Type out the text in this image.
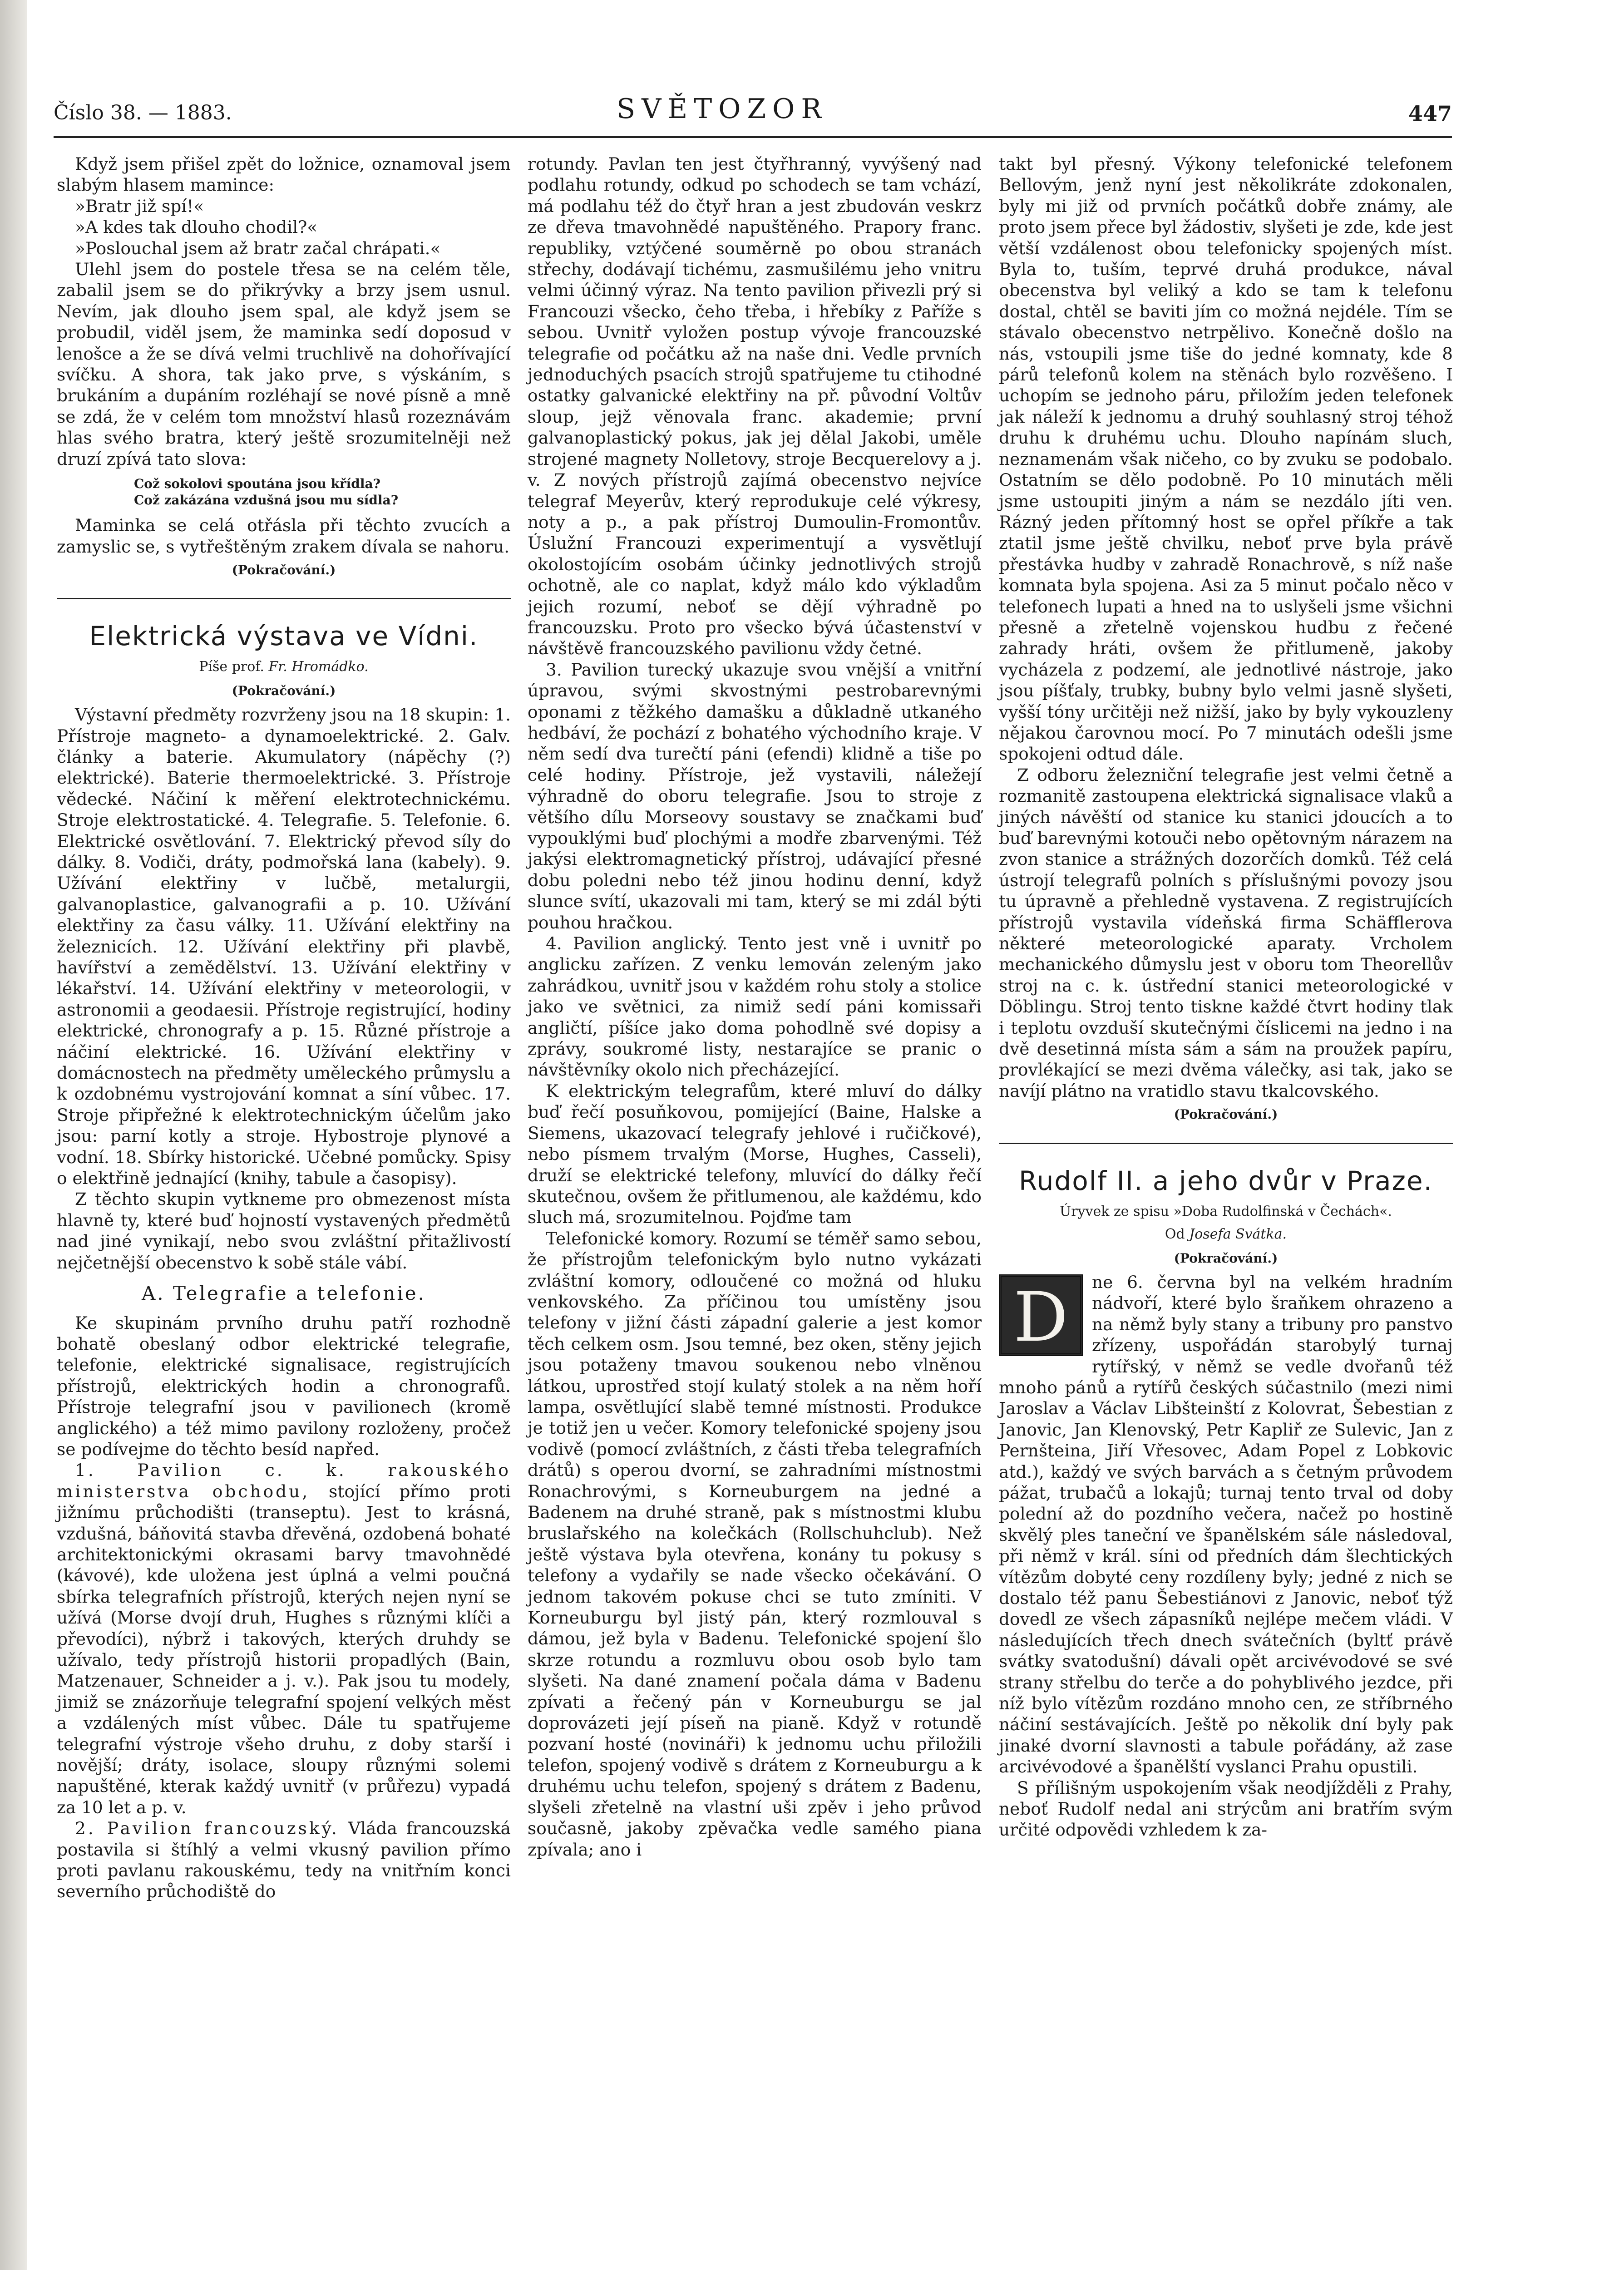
Číslo 38. — 1883.	SVĚTOZOR	447

Když jsem přišel zpět do ložnice, oznamoval jsem slabým hlasem mamince:

»Bratr již spí!«

»A kdes tak dlouho chodil?«

»Poslouchal jsem až bratr začal chrápati.«

Ulehl jsem do postele třesa se na celém těle, zabalil jsem se do přikrývky a brzy jsem usnul. Nevím, jak dlouho jsem spal, ale když jsem se probudil, viděl jsem, že maminka sedí doposud v lenošce a že se dívá velmi truchlivě na dohořívající svíčku. A shora, tak jako prve, s výskáním, s brukáním a dupáním rozléhají se nové písně a mně se zdá, že v celém tom množství hlasů rozeznávám hlas svého bratra, který ještě srozumitelněji než druzí zpívá tato slova:

Což sokolovi spoutána jsou křídla?
Což zakázána vzdušná jsou mu sídla?

Maminka se celá otřásla při těchto zvucích a zamyslic se, s vytřeštěným zrakem dívala se nahoru.

(Pokračování.)

Elektrická výstava ve Vídni.

Píše prof. Fr. Hromádko.

(Pokračování.)

Výstavní předměty rozvrženy jsou na 18 skupin: 1. Přístroje magneto- a dynamoelektrické. 2. Galv. články a baterie. Akumulatory (nápěchy (?) elektrické). Baterie thermoelektrické. 3. Přístroje vědecké. Náčiní k měření elektrotechnickému. Stroje elektrostatické. 4. Telegrafie. 5. Telefonie. 6. Elektrické osvětlování. 7. Elektrický převod síly do dálky. 8. Vodiči, dráty, podmořská lana (kabely). 9. Užívání elektřiny v lučbě, metalurgii, galvanoplastice, galvanografii a p. 10. Užívání elektřiny za času války. 11. Užívání elektřiny na železnicích. 12. Užívání elektřiny při plavbě, havířství a zemědělství. 13. Užívání elektřiny v lékařství. 14. Užívání elektřiny v meteorologii, v astronomii a geodaesii. Přístroje registrující, hodiny elektrické, chronografy a p. 15. Různé přístroje a náčiní elektrické. 16. Užívání elektřiny v domácnostech na předměty uměleckého průmyslu a k ozdobnému vystrojování komnat a síní vůbec. 17. Stroje připřežné k elektrotechnickým účelům jako jsou: parní kotly a stroje. Hybostroje plynové a vodní. 18. Sbírky historické. Učebné pomůcky. Spisy o elektřině jednající (knihy, tabule a časopisy).

Z těchto skupin vytkneme pro obmezenost místa hlavně ty, které buď hojností vystavených předmětů nad jiné vynikají, nebo svou zvláštní přitažlivostí nejčetnější obecenstvo k sobě stále vábí.

A. Telegrafie a telefonie.

Ke skupinám prvního druhu patří rozhodně bohatě obeslaný odbor elektrické telegrafie, telefonie, elektrické signalisace, registrujících přístrojů, elektrických hodin a chronografů. Přístroje telegrafní jsou v pavilionech (kromě anglického) a též mimo pavilony rozloženy, pročež se podívejme do těchto besíd napřed.

1. Pavilion c. k. rakouského ministerstva obchodu, stojící přímo proti jižnímu průchodišti (transeptu). Jest to krásná, vzdušná, báňovitá stavba dřevěná, ozdobená bohaté architektonickými okrasami barvy tmavohnědé (kávové), kde uložena jest úplná a velmi poučná sbírka telegrafních přístrojů, kterých nejen nyní se užívá (Morse dvojí druh, Hughes s různými klíči a převodíci), nýbrž i takových, kterých druhdy se užívalo, tedy přístrojů historii propadlých (Bain, Matzenauer, Schneider a j. v.). Pak jsou tu modely, jimiž se znázorňuje telegrafní spojení velkých měst a vzdálených míst vůbec. Dále tu spatřujeme telegrafní výstroje všeho druhu, z doby starší i novější; dráty, isolace, sloupy různými solemi napuštěné, kterak každý uvnitř (v průřezu) vypadá za 10 let a p. v.

2. Pavilion francouzský. Vláda francouzská postavila si štíhlý a velmi vkusný pavilion přímo proti pavlanu rakouskému, tedy na vnitřním konci severního průchodiště do

rotundy. Pavlan ten jest čtyřhranný, vyvýšený nad podlahu rotundy, odkud po schodech se tam vchází, má podlahu též do čtyř hran a jest zbudován veskrz ze dřeva tmavohnědé napuštěného. Prapory franc. republiky, vztýčené souměrně po obou stranách střechy, dodávají tichému, zasmušilému jeho vnitru velmi účinný výraz. Na tento pavilion přivezli prý si Francouzi všecko, čeho třeba, i hřebíky z Paříže s sebou. Uvnitř vyložen postup vývoje francouzské telegrafie od počátku až na naše dni. Vedle prvních jednoduchých psacích strojů spatřujeme tu ctihodné ostatky galvanické elektřiny na př. původní Voltův sloup, jejž věnovala franc. akademie; první galvanoplastický pokus, jak jej dělal Jakobi, uměle strojené magnety Nolletovy, stroje Becquerelovy a j. v. Z nových přístrojů zajímá obecenstvo nejvíce telegraf Meyerův, který reprodukuje celé výkresy, noty a p., a pak přístroj Dumoulin-Fromontův. Úslužní Francouzi experimentují a vysvětlují okolostojícím osobám účinky jednotlivých strojů ochotně, ale co naplat, když málo kdo výkladům jejich rozumí, neboť se dějí výhradně po francouzsku. Proto pro všecko bývá účastenství v návštěvě francouzského pavilionu vždy četné.

3. Pavilion turecký ukazuje svou vnější a vnitřní úpravou, svými skvostnými pestrobarevnými oponami z těžkého damašku a důkladně utkaného hedbáví, že pochází z bohatého východního kraje. V něm sedí dva turečtí páni (efendi) klidně a tiše po celé hodiny. Přístroje, jež vystavili, náležejí výhradně do oboru telegrafie. Jsou to stroje z většího dílu Morseovy soustavy se značkami buď vypouklými buď plochými a modře zbarvenými. Též jakýsi elektromagnetický přístroj, udávající přesné dobu poledni nebo též jinou hodinu denní, když slunce svítí, ukazovali mi tam, který se mi zdál býti pouhou hračkou.

4. Pavilion anglický. Tento jest vně i uvnitř po anglicku zařízen. Z venku lemován zeleným jako zahrádkou, uvnitř jsou v každém rohu stoly a stolice jako ve světnici, za nimiž sedí páni komissaři angličtí, píšíce jako doma pohodlně své dopisy a zprávy, soukromé listy, nestarajíce se pranic o návštěvníky okolo nich přecházející.

K elektrickým telegrafům, které mluví do dálky buď řečí posuňkovou, pomijející (Baine, Halske a Siemens, ukazovací telegrafy jehlové i ručičkové), nebo písmem trvalým (Morse, Hughes, Casseli), druží se elektrické telefony, mluvící do dálky řečí skutečnou, ovšem že přitlumenou, ale každému, kdo sluch má, srozumitelnou. Pojďme tam

Telefonické komory. Rozumí se téměř samo sebou, že přístrojům telefonickým bylo nutno vykázati zvláštní komory, odloučené co možná od hluku venkovského. Za příčinou tou umístěny jsou telefony v jižní části západní galerie a jest komor těch celkem osm. Jsou temné, bez oken, stěny jejich jsou potaženy tmavou soukenou nebo vlněnou látkou, uprostřed stojí kulatý stolek a na něm hoří lampa, osvětlující slabě temné místnosti. Produkce je totiž jen u večer. Komory telefonické spojeny jsou vodivě (pomocí zvláštních, z části třeba telegrafních drátů) s operou dvorní, se zahradními místnostmi Ronachrovými, s Korneuburgem na jedné a Badenem na druhé straně, pak s místnostmi klubu bruslařského na kolečkách (Rollschuhclub). Než ještě výstava byla otevřena, konány tu pokusy s telefony a vydařily se nade všecko očekávání. O jednom takovém pokuse chci se tuto zmíniti. V Korneuburgu byl jistý pán, který rozmlouval s dámou, jež byla v Badenu. Telefonické spojení šlo skrze rotundu a rozmluvu obou osob bylo tam slyšeti. Na dané znamení počala dáma v Badenu zpívati a řečený pán v Korneuburgu se jal doprovázeti její píseň na pianě. Když v rotundě pozvaní hosté (novináři) k jednomu uchu přiložili telefon, spojený vodivě s drátem z Korneuburgu a k druhému uchu telefon, spojený s drátem z Badenu, slyšeli zřetelně na vlastní uši zpěv i jeho průvod současně, jakoby zpěvačka vedle samého piana zpívala; ano i

takt byl přesný. Výkony telefonické telefonem Bellovým, jenž nyní jest několikráte zdokonalen, byly mi již od prvních počátků dobře známy, ale proto jsem přece byl žádostiv, slyšeti je zde, kde jest větší vzdálenost obou telefonicky spojených míst. Byla to, tuším, teprvé druhá produkce, nával obecenstva byl veliký a kdo se tam k telefonu dostal, chtěl se baviti jím co možná nejdéle. Tím se stávalo obecenstvo netrpělivo. Konečně došlo na nás, vstoupili jsme tiše do jedné komnaty, kde 8 párů telefonů kolem na stěnách bylo rozvěšeno. I uchopím se jednoho páru, přiložím jeden telefonek jak náleží k jednomu a druhý souhlasný stroj téhož druhu k druhému uchu. Dlouho napínám sluch, neznamenám však ničeho, co by zvuku se podobalo. Ostatním se dělo podobně. Po 10 minutách měli jsme ustoupiti jiným a nám se nezdálo jíti ven. Rázný jeden přítomný host se opřel příkře a tak ztatil jsme ještě chvilku, neboť prve byla právě přestávka hudby v zahradě Ronachrově, s níž naše komnata byla spojena. Asi za 5 minut počalo něco v telefonech lupati a hned na to uslyšeli jsme všichni přesně a zřetelně vojenskou hudbu z řečené zahrady hráti, ovšem že přitlumeně, jakoby vycházela z podzemí, ale jednotlivé nástroje, jako jsou píšťaly, trubky, bubny bylo velmi jasně slyšeti, vyšší tóny určitěji než nižší, jako by byly vykouzleny nějakou čarovnou mocí. Po 7 minutách odešli jsme spokojeni odtud dále.

Z odboru železniční telegrafie jest velmi četně a rozmanitě zastoupena elektrická signalisace vlaků a jiných návěští od stanice ku stanici jdoucích a to buď barevnými kotouči nebo opětovným nárazem na zvon stanice a strážných dozorčích domků. Též celá ústrojí telegrafů polních s příslušnými povozy jsou tu úpravně a přehledně vystavena. Z registrujících přístrojů vystavila vídeňská firma Schäfflerova některé meteorologické aparaty. Vrcholem mechanického důmyslu jest v oboru tom Theorellův stroj na c. k. ústřední stanici meteorologické v Döblingu. Stroj tento tiskne každé čtvrt hodiny tlak i teplotu ovzduší skutečnými číslicemi na jedno i na dvě desetinná místa sám a sám na proužek papíru, provlékající se mezi dvěma válečky, asi tak, jako se navíjí plátno na vratidlo stavu tkalcovského.

(Pokračování.)

Rudolf II. a jeho dvůr v Praze.

Úryvek ze spisu »Doba Rudolfinská v Čechách«.

Od Josefa Svátka.

(Pokračování.)

D	ne 6. června byl na velkém hradním nádvoří, které bylo šraňkem ohrazeno a na němž byly stany a tribuny pro panstvo zřízeny, uspořádán starobylý turnaj rytířský, v němž se vedle dvořanů též mnoho pánů a rytířů českých súčastnilo (mezi nimi Jaroslav a Václav Libšteinští z Kolovrat, Šebestian z Janovic, Jan Klenovský, Petr Kapliř ze Sulevic, Jan z Pernšteina, Jiří Vřesovec, Adam Popel z Lobkovic atd.), každý ve svých barvách a s četným průvodem pážat, trubačů a lokajů; turnaj tento trval od doby polední až do pozdního večera, načež po hostině skvělý ples taneční ve španělském sále následoval, při němž v král. síni od předních dám šlechtických vítězům dobyté ceny rozdíleny byly; jedné z nich se dostalo též panu Šebestiánovi z Janovic, neboť týž dovedl ze všech zápasníků nejlépe mečem vládi. V následujících třech dnech svátečních (byltť právě svátky svatodušní) dávali opět arcivévodové se své strany střelbu do terče a do pohyblivého jezdce, při níž bylo vítězům rozdáno mnoho cen, ze stříbrného náčiní sestávajících. Ještě po několik dní byly pak jinaké dvorní slavnosti a tabule pořádány, až zase arcivévodové a španělští vyslanci Prahu opustili.

S přílišným uspokojením však neodjížděli z Prahy, neboť Rudolf nedal ani strýcům ani bratřím svým určité odpovědi vzhledem k za-
